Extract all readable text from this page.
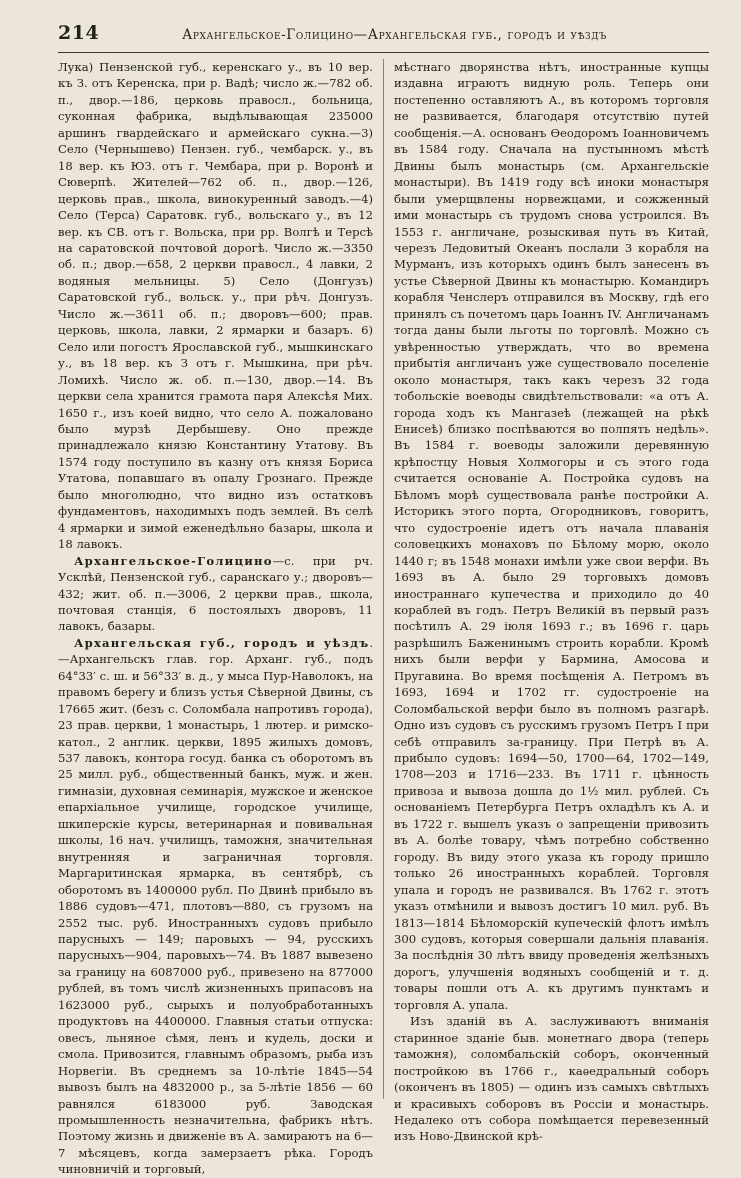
214	Архангельское-Голицино—Архангельская губ., городъ и уѣздъ

Лука) Пензенской губ., керенскаго у., въ 10 вер. къ З. отъ Керенска, при р. Вадѣ; число ж.—782 об. п., двор.—186, церковь правосл., больница, суконная фабрика, выдѣлывающая 235000 аршинъ гвардейскаго и армейскаго сукна.—3) Село (Чернышево) Пензен. губ., чембарск. у., въ 18 вер. къ ЮЗ. отъ г. Чембара, при р. Воронѣ и Сюверпѣ. Жителей—762 об. п., двор.—126, церковь прав., школа, винокуренный заводъ.—4) Село (Терса) Саратовк. губ., вольскаго у., въ 12 вер. къ СВ. отъ г. Вольска, при рр. Волгѣ и Терсѣ на саратовской почтовой дорогѣ. Число ж.—3350 об. п.; двор.—658, 2 церкви правосл., 4 лавки, 2 водяныя мельницы. 5) Село (Донгузъ) Саратовской губ., вольск. у., при рѣч. Донгузъ. Число ж.—3611 об. п.; дворовъ—600; прав. церковь, школа, лавки, 2 ярмарки и базаръ. 6) Село или погостъ Ярославской губ., мышкинскаго у., въ 18 вер. къ З отъ г. Мышкина, при рѣч. Ломихѣ. Число ж. об. п.—130, двор.—14. Въ церкви села хранится грамота паря Алексѣя Мих. 1650 г., изъ коей видно, что село А. пожаловано было мурзѣ Дербышеву. Оно прежде принадлежало князю Константину Утатову. Въ 1574 году поступило въ казну отъ князя Бориса Утатова, попавшаго въ опалу Грознаго. Прежде было многолюдно, что видно изъ остатковъ фундаментовъ, находимыхъ подъ землей. Въ селѣ 4 ярмарки и зимой еженедѣльно базары, школа и 18 лавокъ.

Архангельское-Голицино—с. при рч. Усклѣй, Пензенской губ., саранскаго у.; дворовъ—432; жит. об. п.—3006, 2 церкви прав., школа, почтовая станція, 6 постоялыхъ дворовъ, 11 лавокъ, базары.

Архангельская губ., городъ и уѣздъ.—Архангельскъ глав. гор. Арханг. губ., подъ 64°33′ с. ш. и 56°33′ в. д., у мыса Пур-Наволокъ, на правомъ берегу и близъ устья Сѣверной Двины, съ 17665 жит. (безъ с. Соломбала напротивъ города), 23 прав. церкви, 1 монастырь, 1 лютер. и римско-катол., 2 англик. церкви, 1895 жилыхъ домовъ, 537 лавокъ, контора госуд. банка съ оборотомъ въ 25 милл. руб., общественный банкъ, муж. и жен. гимназіи, духовная семинарія, мужское и женское епархіальное училище, городское училище, шкиперскіе курсы, ветеринарная и повивальная школы, 16 нач. училищъ, таможня, значительная внутренняя и заграничная торговля. Маргаритинская ярмарка, въ сентябрѣ, съ оборотомъ въ 1400000 рубл. По Двинѣ прибыло въ 1886 судовъ—471, плотовъ—880, съ грузомъ на 2552 тыс. руб. Иностранныхъ судовъ прибыло парусныхъ — 149; паровыхъ — 94, русскихъ парусныхъ—904, паровыхъ—74. Въ 1887 вывезено за границу на 6087000 руб., привезено на 877000 рублей, въ томъ числѣ жизненныхъ припасовъ на 1623000 руб., сырыхъ и полуобработанныхъ продуктовъ на 4400000. Главныя статьи отпуска: овесъ, льняное сѣмя, ленъ и кудель, доски и смола. Привозится, главнымъ образомъ, рыба изъ Норвегіи. Въ среднемъ за 10-лѣтіе 1845—54 вывозъ былъ на 4832000 р., за 5-лѣтіе 1856 — 60 равнялся 6183000 руб. Заводская промышленность незначительна, фабрикъ нѣтъ. Поэтому жизнь и движеніе въ А. замираютъ на 6—7 мѣсяцевъ, когда замерзаетъ рѣка. Городъ чиновничій и торговый,

мѣстнаго дворянства нѣтъ, иностранные купцы издавна играютъ видную роль. Теперь они постепенно оставляютъ А., въ которомъ торговля не развивается, благодаря отсутствію путей сообщенія.—А. основанъ Ѳеодоромъ Іоанновичемъ въ 1584 году. Сначала на пустынномъ мѣстѣ Двины былъ монастырь (см. Архангельскіе монастыри). Въ 1419 году всѣ иноки монастыря были умерщвлены норвежцами, и сожженный ими монастырь съ трудомъ снова устроился. Въ 1553 г. англичане, розыскивая путь въ Китай, черезъ Ледовитый Океанъ послали 3 корабля на Мурманъ, изъ которыхъ одинъ былъ занесенъ въ устье Сѣверной Двины къ монастырю. Командиръ корабля Ченслеръ отправился въ Москву, гдѣ его принялъ съ почетомъ царь Іоаннъ IV. Англичанамъ тогда даны были льготы по торговлѣ. Можно съ увѣренностью утверждать, что во времена прибытія англичанъ уже существовало поселеніе около монастыря, такъ какъ черезъ 32 года тобольскіе воеводы свидѣтельствовали: «а отъ А. города ходъ къ Мангазеѣ (лежащей на рѣкѣ Енисеѣ) близко поспѣваются во полпять недѣль». Въ 1584 г. воеводы заложили деревянную крѣпостцу Новыя Холмогоры и съ этого года считается основаніе А. Постройка судовъ на Бѣломъ морѣ существовала ранѣе постройки А. Историкъ этого порта, Огородниковъ, говоритъ, что судостроеніе идетъ отъ начала плаванія соловецкихъ монаховъ по Бѣлому морю, около 1440 г; въ 1548 монахи имѣли уже свои верфи. Въ 1693 въ А. было 29 торговыхъ домовъ иностраннаго купечества и приходило до 40 кораблей въ годъ. Петръ Великій въ первый разъ посѣтилъ А. 29 іюля 1693 г.; въ 1696 г. царь разрѣшилъ Баженинымъ строить корабли. Кромѣ нихъ были верфи у Бармина, Амосова и Пругавина. Во время посѣщенія А. Петромъ въ 1693, 1694 и 1702 гг. судостроеніе на Соломбальской верфи было въ полномъ разгарѣ. Одно изъ судовъ съ русскимъ грузомъ Петръ I при себѣ отправилъ за-границу. При Петрѣ въ А. прибыло судовъ: 1694—50, 1700—64, 1702—149, 1708—203 и 1716—233. Въ 1711 г. цѣнность привоза и вывоза дошла до 1½ мил. рублей. Съ основаніемъ Петербурга Петръ охладѣлъ къ А. и въ 1722 г. вышелъ указъ о запрещеніи привозить въ А. болѣе товару, чѣмъ потребно собственно городу. Въ виду этого указа къ городу пришло только 26 иностранныхъ кораблей. Торговля упала и городъ не развивался. Въ 1762 г. этотъ указъ отмѣнили и вывозъ достигъ 10 мил. руб. Въ 1813—1814 Бѣломорскій купеческій флотъ имѣлъ 300 судовъ, которыя совершали дальнія плаванія. За послѣднія 30 лѣтъ ввиду проведенія желѣзныхъ дорогъ, улучшенія водяныхъ сообщеній и т. д. товары пошли отъ А. къ другимъ пунктамъ и торговля А. упала.

Изъ зданій въ А. заслуживаютъ вниманія старинное зданіе быв. монетнаго двора (теперь таможня), соломбальскій соборъ, оконченный постройкою въ 1766 г., каѳедральный соборъ (оконченъ въ 1805) — одинъ изъ самыхъ свѣтлыхъ и красивыхъ соборовъ въ Россіи и монастырь. Недалеко отъ собора помѣщается перевезенный изъ Ново-Двинской крѣ-
